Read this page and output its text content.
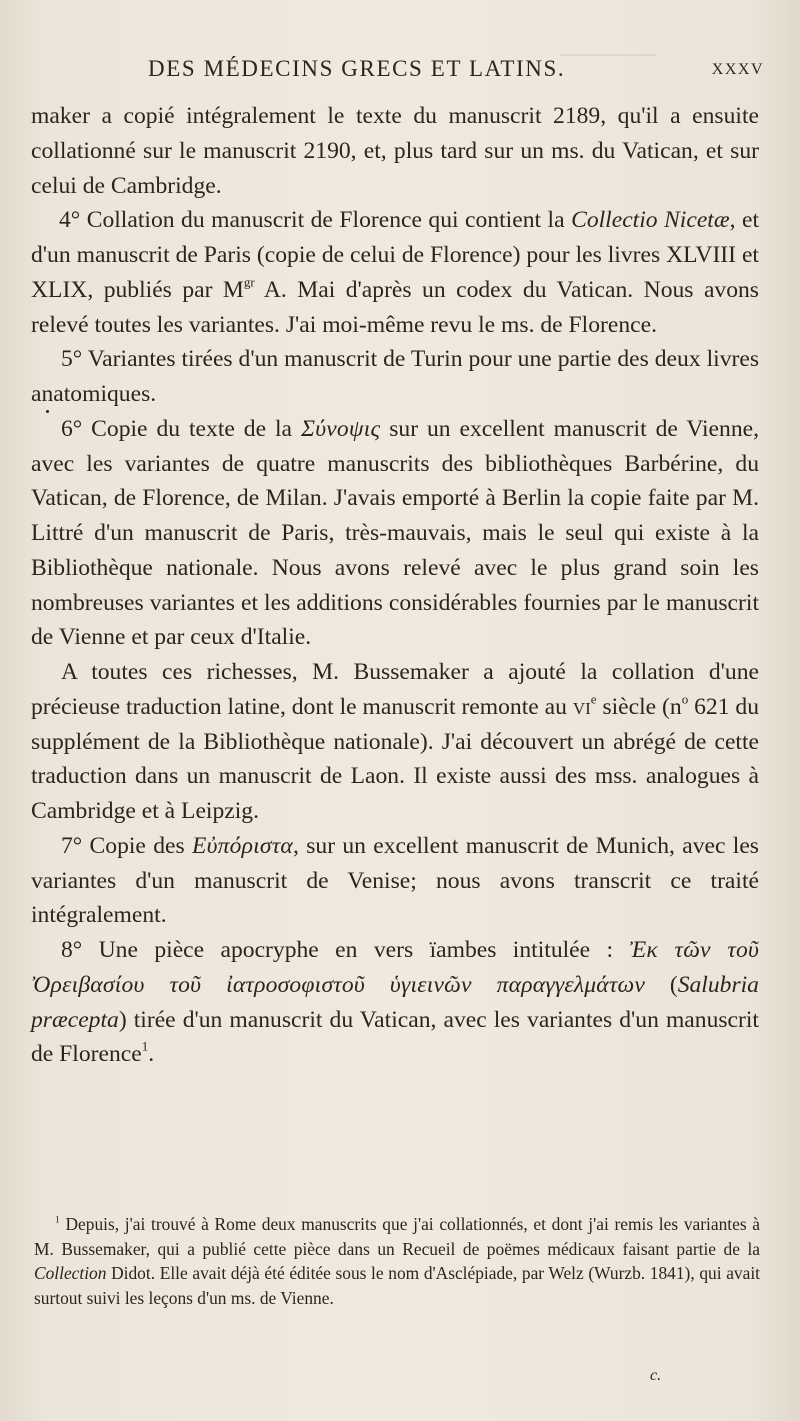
─────
DES MÉDECINS GRECS ET LATINS.	XXXV

maker a copié intégralement le texte du manuscrit 2189, qu'il a ensuite collationné sur le manuscrit 2190, et, plus tard sur un ms. du Vatican, et sur celui de Cambridge.

4° Collation du manuscrit de Florence qui contient la Collectio Nicetæ, et d'un manuscrit de Paris (copie de celui de Florence) pour les livres XLVIII et XLIX, publiés par $M^{gr}$ A. Mai d'après un codex du Vatican. Nous avons relevé toutes les variantes. J'ai moi-même revu le ms. de Florence.

5° Variantes tirées d'un manuscrit de Turin pour une partie des deux livres anatomiques.

6° Copie du texte de la Σύνοψις sur un excellent manuscrit de Vienne, avec les variantes de quatre manuscrits des bibliothèques Barbérine, du Vatican, de Florence, de Milan. J'avais emporté à Berlin la copie faite par M. Littré d'un manuscrit de Paris, très-mauvais, mais le seul qui existe à la Bibliothèque nationale. Nous avons relevé avec le plus grand soin les nombreuses variantes et les additions considérables fournies par le manuscrit de Vienne et par ceux d'Italie.

A toutes ces richesses, M. Bussemaker a ajouté la collation d'une précieuse traduction latine, dont le manuscrit remonte au $vi^e$ siècle ($n^o$ 621 du supplément de la Bibliothèque nationale). J'ai découvert un abrégé de cette traduction dans un manuscrit de Laon. Il existe aussi des mss. analogues à Cambridge et à Leipzig.

7° Copie des Εὐπόριστα, sur un excellent manuscrit de Munich, avec les variantes d'un manuscrit de Venise; nous avons transcrit ce traité intégralement.

8° Une pièce apocryphe en vers ïambes intitulée : Ἐκ τῶν τοῦ Ὀρειβασίου τοῦ ἰατροσοφιστοῦ ὑγιεινῶν παραγγελμάτων (Salubria præcepta) tirée d'un manuscrit du Vatican, avec les variantes d'un manuscrit de Florence$^1$.

$^1$ Depuis, j'ai trouvé à Rome deux manuscrits que j'ai collationnés, et dont j'ai remis les variantes à M. Bussemaker, qui a publié cette pièce dans un Recueil de poëmes médicaux faisant partie de la Collection Didot. Elle avait déjà été éditée sous le nom d'Asclépiade, par Welz (Wurzb. 1841), qui avait surtout suivi les leçons d'un ms. de Vienne.

c.
